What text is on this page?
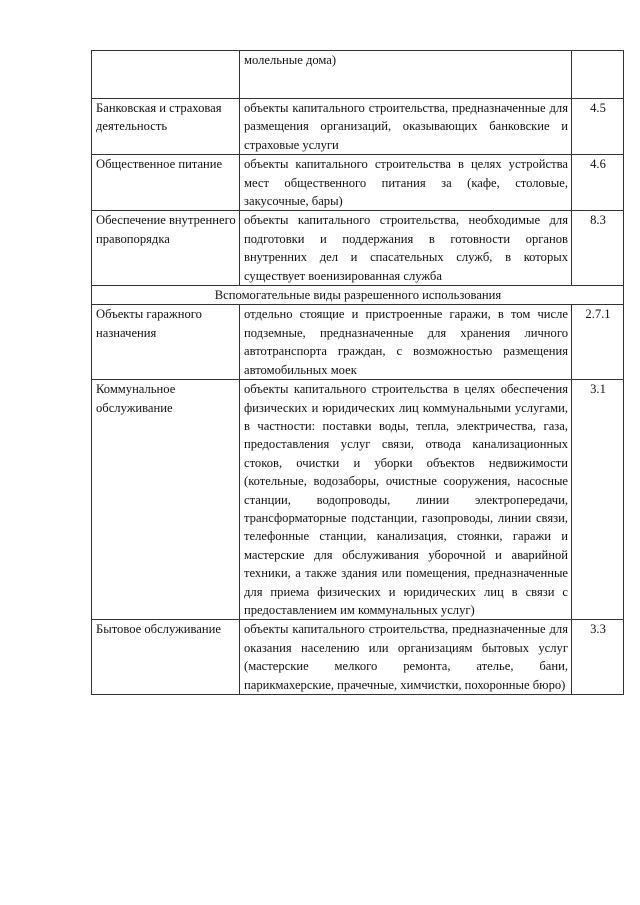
	молельные дома)	
Банковская и страховая деятельность	объекты капитального строительства, предназначенные для размещения организаций, оказывающих банковские и страховые услуги	4.5
Общественное питание	объекты капитального строительства в целях устройства мест общественного питания за (кафе, столовые, закусочные, бары)	4.6
Обеспечение внутреннего правопорядка	объекты капитального строительства, необходимые для подготовки и поддержания в готовности органов внутренних дел и спасательных служб, в которых существует военизированная служба	8.3
Вспомогательные виды разрешенного использования		
Объекты гаражного назначения	отдельно стоящие и пристроенные гаражи, в том числе подземные, предназначенные для хранения личного автотранспорта граждан, с возможностью размещения автомобильных моек	2.7.1
Коммунальное обслуживание	объекты капитального строительства в целях обеспечения физических и юридических лиц коммунальными услугами, в частности: поставки воды, тепла, электричества, газа, предоставления услуг связи, отвода канализационных стоков, очистки и уборки объектов недвижимости (котельные, водозаборы, очистные сооружения, насосные станции, водопроводы, линии электропередачи, трансформаторные подстанции, газопроводы, линии связи, телефонные станции, канализация, стоянки, гаражи и мастерские для обслуживания уборочной и аварийной техники, а также здания или помещения, предназначенные для приема физических и юридических лиц в связи с предоставлением им коммунальных услуг)	3.1
Бытовое обслуживание	объекты капитального строительства, предназначенные для оказания населению или организациям бытовых услуг (мастерские мелкого ремонта, ателье, бани, парикмахерские, прачечные, химчистки, похоронные бюро)	3.3
